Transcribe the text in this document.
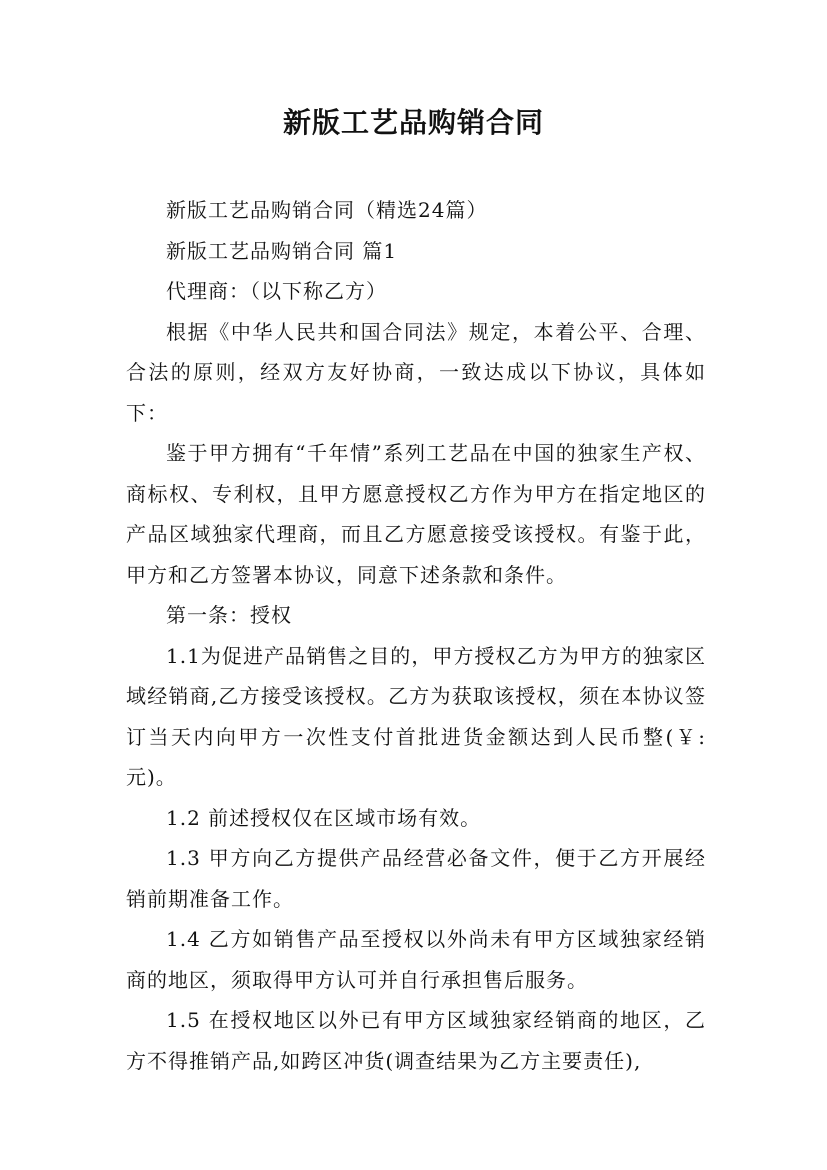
新版工艺品购销合同

新版工艺品购销合同（精选24篇）

新版工艺品购销合同 篇1

代理商：（以下称乙方）

根据《中华人民共和国合同法》规定，本着公平、合理、合法的原则，经双方友好协商，一致达成以下协议，具体如下：

鉴于甲方拥有“千年情”系列工艺品在中国的独家生产权、商标权、专利权，且甲方愿意授权乙方作为甲方在指定地区的产品区域独家代理商，而且乙方愿意接受该授权。有鉴于此，甲方和乙方签署本协议，同意下述条款和条件。

第一条：授权

1.1为促进产品销售之目的，甲方授权乙方为甲方的独家区域经销商,乙方接受该授权。乙方为获取该授权，须在本协议签订当天内向甲方一次性支付首批进货金额达到人民币整(￥:元)。

1.2 前述授权仅在区域市场有效。

1.3 甲方向乙方提供产品经营必备文件，便于乙方开展经销前期准备工作。

1.4 乙方如销售产品至授权以外尚未有甲方区域独家经销商的地区，须取得甲方认可并自行承担售后服务。

1.5 在授权地区以外已有甲方区域独家经销商的地区，乙方不得推销产品,如跨区冲货(调查结果为乙方主要责任),
